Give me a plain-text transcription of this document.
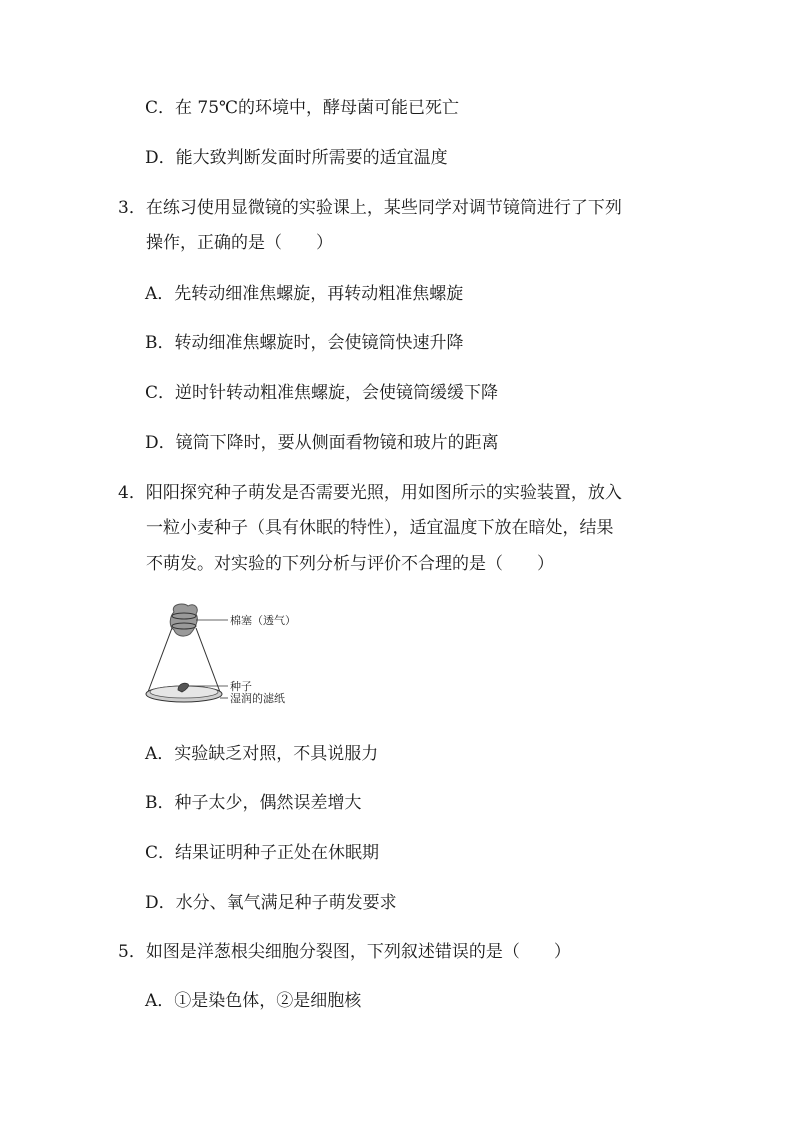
C．在 75℃的环境中，酵母菌可能已死亡
D．能大致判断发面时所需要的适宜温度
3．在练习使用显微镜的实验课上，某些同学对调节镜筒进行了下列
操作，正确的是（　　）
A．先转动细准焦螺旋，再转动粗准焦螺旋
B．转动细准焦螺旋时，会使镜筒快速升降
C．逆时针转动粗准焦螺旋，会使镜筒缓缓下降
D．镜筒下降时，要从侧面看物镜和玻片的距离
4．阳阳探究种子萌发是否需要光照，用如图所示的实验装置，放入
一粒小麦种子（具有休眠的特性），适宜温度下放在暗处，结果
不萌发。对实验的下列分析与评价不合理的是（　　）
棉塞（透气）
种子
湿润的滤纸
A．实验缺乏对照，不具说服力
B．种子太少，偶然误差增大
C．结果证明种子正处在休眠期
D．水分、氧气满足种子萌发要求
5．如图是洋葱根尖细胞分裂图，下列叙述错误的是（　　）
A．①是染色体，②是细胞核
